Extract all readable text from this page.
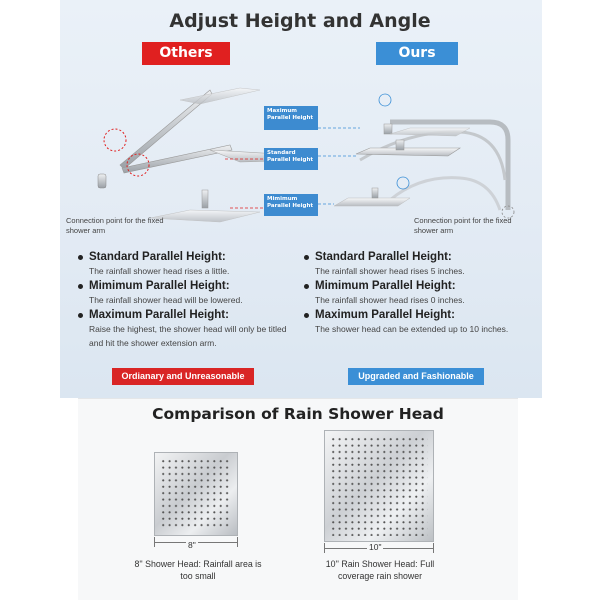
Adjust Height and Angle
Others	Ours
Maximum Parallel Height
Standard Parallel Height
Mimimum Parallel Height
Connection point for the fixed shower arm
Connection point for the fixed shower arm
Standard Parallel Height:
The rainfall shower head rises a little.
Mimimum Parallel Height:
The rainfall shower head will be lowered.
Maximum Parallel Height:
Raise the highest, the shower head will only be titled and hit the shower extension arm.
Standard Parallel Height:
The rainfall shower head rises 5 inches.
Mimimum Parallel Height:
The rainfall shower head rises 0 inches.
Maximum Parallel Height:
The shower head can be extended up to 10 inches.
Ordianary and Unreasonable	Upgraded and Fashionable
Comparison of Rain Shower Head
8"
8'' Shower Head: Rainfall area is too small
10"
10'' Rain Shower Head: Full coverage rain shower
